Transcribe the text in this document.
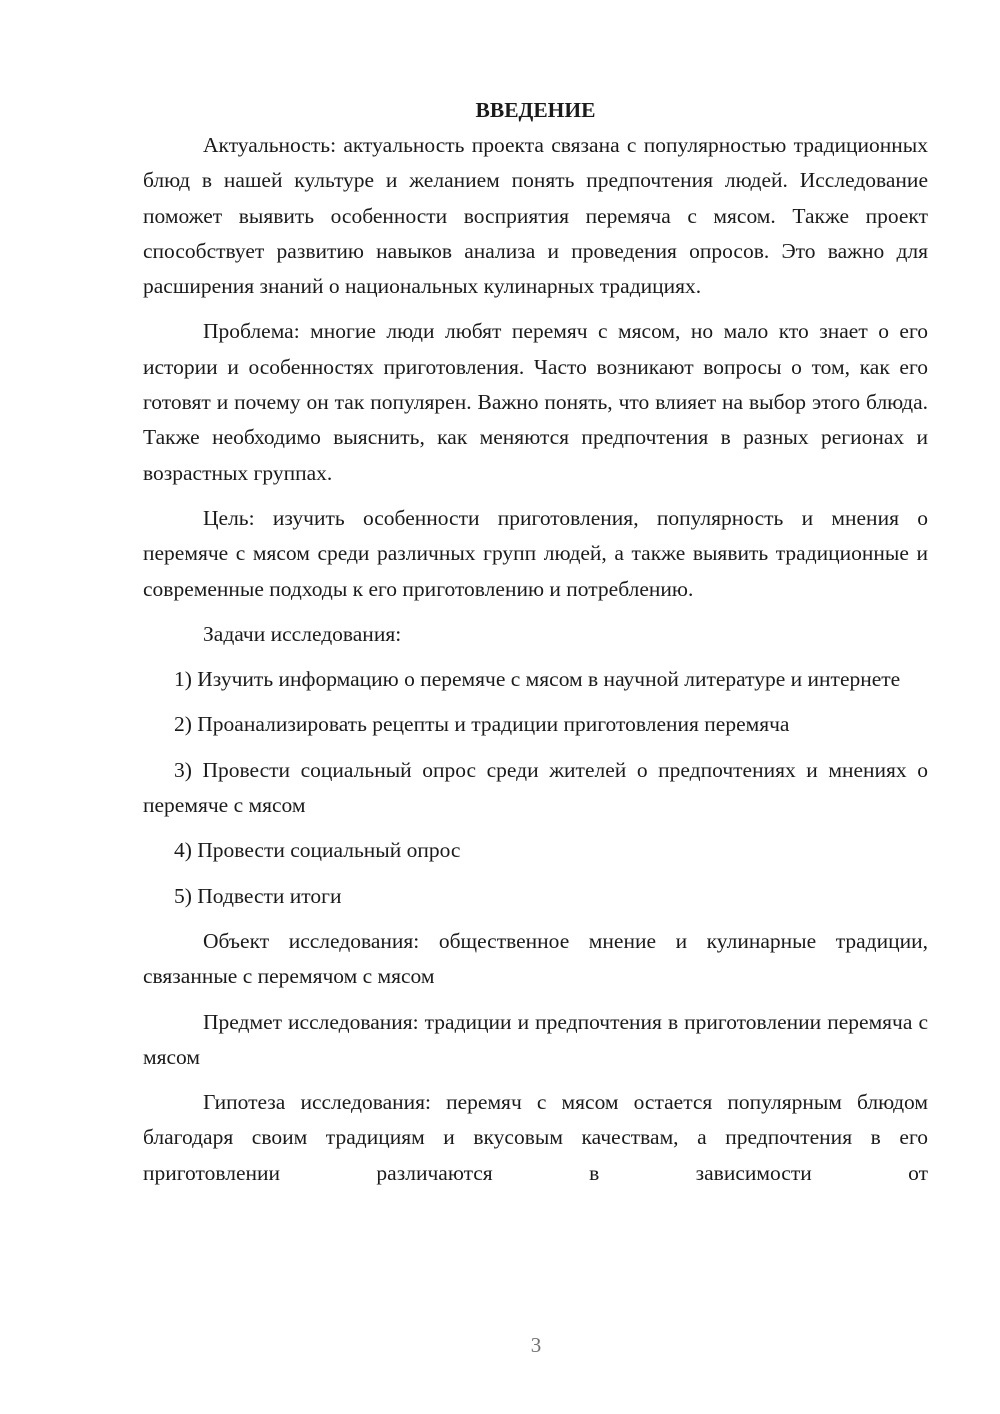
ВВЕДЕНИЕ

Актуальность: актуальность проекта связана с популярностью традиционных блюд в нашей культуре и желанием понять предпочтения людей. Исследование поможет выявить особенности восприятия перемяча с мясом. Также проект способствует развитию навыков анализа и проведения опросов. Это важно для расширения знаний о национальных кулинарных традициях.

Проблема: многие люди любят перемяч с мясом, но мало кто знает о его истории и особенностях приготовления. Часто возникают вопросы о том, как его готовят и почему он так популярен. Важно понять, что влияет на выбор этого блюда. Также необходимо выяснить, как меняются предпочтения в разных регионах и возрастных группах.

Цель: изучить особенности приготовления, популярность и мнения о перемяче с мясом среди различных групп людей, а также выявить традиционные и современные подходы к его приготовлению и потреблению.

Задачи исследования:

1) Изучить информацию о перемяче с мясом в научной литературе и интернете

2) Проанализировать рецепты и традиции приготовления перемяча

3) Провести социальный опрос среди жителей о предпочтениях и мнениях о перемяче с мясом

4) Провести социальный опрос

5) Подвести итоги

Объект исследования: общественное мнение и кулинарные традиции, связанные с перемячом с мясом

Предмет исследования: традиции и предпочтения в приготовлении перемяча с мясом

Гипотеза исследования: перемяч с мясом остается популярным блюдом благодаря своим традициям и вкусовым качествам, а предпочтения в его приготовлении различаются в зависимости от

3
